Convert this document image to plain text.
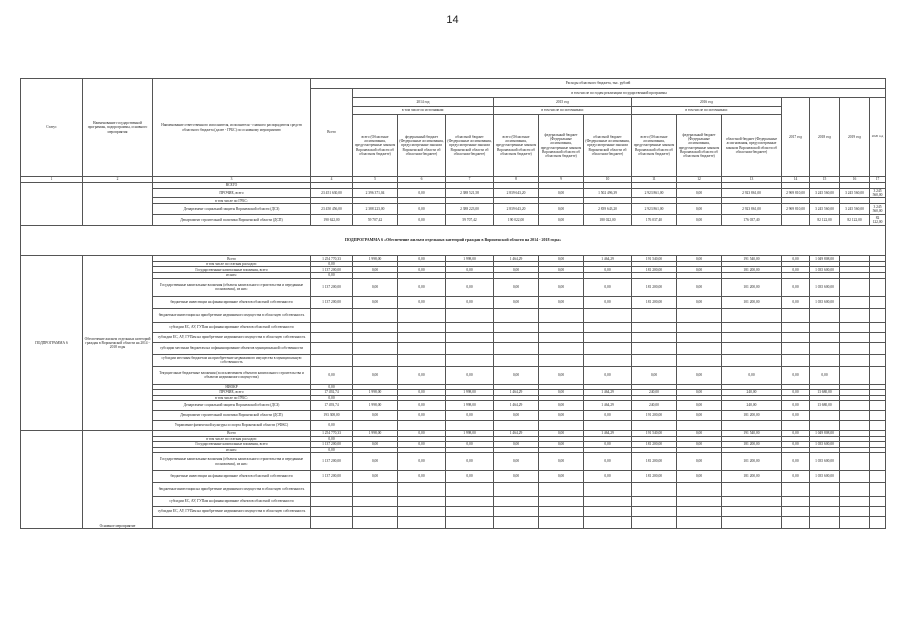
14
Статус	Наименование государственной программы, подпрограммы, основного мероприятия	Наименование ответственного исполнителя, исполнителя - главного распорядителя средств областного бюджета (далее - ГРБС) по основному мероприятию	Расходы областного бюджета, тыс. рублей													
			Всего	в том числе по годам реализации государственной программы												
				2014 год			2015 год			2016 год			2017 год	2018 год	2019 год	2020 год
				в том числе по источникам:			в том числе по источникам:			в том числе по источникам:						
				всего (Областные ассигнования, предусмотренные законом Воронежской области об областном бюджете)	федеральный бюджет (Федеральные ассигнования, предусмотренные законом Воронежской области об областном бюджете)	областной бюджет (Федеральные ассигнования, предусмотренные законом Воронежской области об областном бюджете)	всего (Областные ассигнования, предусмотренные законом Воронежской области об областном бюджете)	федеральный бюджет (Федеральные ассигнования, предусмотренные законом Воронежской области об областном бюджете)	областной бюджет (Федеральные ассигнования, предусмотренные законом Воронежской области об областном бюджете)	всего (Областные ассигнования, предусмотренные законом Воронежской области об областном бюджете)	федеральный бюджет (Федеральные ассигнования, предусмотренные законом Воронежской области об областном бюджете)	областной бюджет (Федеральные ассигнования, предусмотренные законом Воронежской области об областном бюджете)				
1	2	3	4	5	6	7	8	9	10	11	12	13	14	15	16	17
		ВСЕГО														
		ПРОЧИЕ, всего	23 451 630,00	2 396 371,04	0,00	2 388 521,58	2 839 643,20	0,00	1 502 496,39	2 923 861,00	0,00	2 923 861,00	2 969 810,00	3 245 560,00	3 245 560,00	3 245 560,00
		в том числе по ГРБС:														
		Департамент социальной защиты Воронежской области (ДСЗ)	23 450 456,00	2 388 223,00	0,00	2 388 223,00	2 839 643,20	0,00	2 839 643,20	2 923 861,00	0,00	2 923 861,00	2 969 810,00	3 245 560,00	3 245 560,00	3 245 560,00
		Департамент строительной политики Воронежской области (ДСП)	190 622,00	59 707,42	0,00	59 707,42	190 022,00	0,00	180 022,00	176 037,40	0,00	176 037,40		82 122,00	82 122,00	82 122,00
ПОДПРОГРАММА 6 «Обеспечение жильем отдельных категорий граждан в Воронежской области на 2014 - 2018 годы»																
ПОДПРОГРАММА 6	Обеспечение жильем отдельных категорий граждан в Воронежской области на 2014 - 2018 годы	Всего	1 254 770,33	1 998,00	0,00	1 998,00	1 464,29	0,00	1 464,29	191 540,00	0,00	191 540,00	0,00	1 049 808,00		
		в том числе по статьям расходов:	0,00													
		Государственные капитальные вложения, всего	1 137 200,00	0,00	0,00	0,00	0,00	0,00	0,00	181 200,00	0,00	181 200,00	0,00	1 035 600,00		
		из них:	0,00													
		Государственные капитальные вложения (объекты капитального строительства и переданные полномочия), из них:	1 137 200,00	0,00	0,00	0,00	0,00	0,00	0,00	181 200,00	0,00	101 200,00	0,00	1 035 600,00		
		бюджетные инвестиции на финансирование объектов областной собственности	1 137 200,00	0,00	0,00	0,00	0,00	0,00	0,00	181 200,00	0,00	101 200,00	0,00	1 035 600,00		
		бюджетные инвестиции на приобретение недвижимого имущества в областную собственность														
		субсидии ЕС, АУ, ГУПам на финансирование объектов областной собственности														
		субсидии ЕС, АУ, ГУПам на приобретение недвижимого имущества в областную собственность														
		субсидии местным бюджетам на софинансирование объектов муниципальной собственности														
		субсидии местным бюджетам на приобретение недвижимого имущества в муниципальную собственность														
		Текущие иные бюджетные вложения (за исключением объектов капитального строительства и объектов недвижимого имущества)	0,00	0,00	0,00	0,00	0,00	0,00	0,00	0,00	0,00	0,00	0,00	0,00		
		НИОКР	0,00													
		ПРОЧИЕ, всего	17 492,74	1 998,00	0,00	1 998,00	1 464,29	0,00	1 464,29	240,00	0,00	240,00	0,00	13 680,00		
		в том числе по ГРБС:	0,00													
		Департамент социальной защиты Воронежской области (ДСЗ)	17 493,74	1 998,00	0,00	1 998,00	1 464,29	0,00	1 464,29	240,00	0,00	240,00	0,00	13 680,00		
		Департамент строительной политики Воронежской области (ДСП)	193 308,00	0,00	0,00	0,00	0,00	0,00	0,00	191 200,00	0,00	181 200,00	0,00			
		Управление физической культуры и спорта Воронежской области (УФКС)	0,00													
	Основное мероприятие	Всего	1 254 770,33	1 998,00	0,00	1 998,00	1 464,29	0,00	1 464,29	191 540,00	0,00	191 540,00	0,00	1 049 808,00		
		в том числе по статьям расходов:	0,00													
		Государственные капитальные вложения, всего	1 137 200,00	0,00	0,00	0,00	0,00	0,00	0,00	181 200,00	0,00	181 200,00	0,00	1 035 600,00		
		из них:	0,00													
		Государственные капитальные вложения (объекты капитального строительства и переданные полномочия), из них:	1 137 200,00	0,00	0,00	0,00	0,00	0,00	0,00	181 200,00	0,00	101 200,00	0,00	1 035 600,00		
		бюджетные инвестиции на финансирование объектов областной собственности	1 137 200,00	0,00	0,00	0,00	0,00	0,00	0,00	181 200,00	0,00	181 200,00	0,00	1 035 600,00		
		бюджетные инвестиции на приобретение недвижимого имущества в областную собственность														
		субсидии ЕС, АУ, ГУПам на финансирование объектов областной собственности														
		субсидии ЕС, АУ, ГУПам на приобретение недвижимого имущества в областную собственность														
